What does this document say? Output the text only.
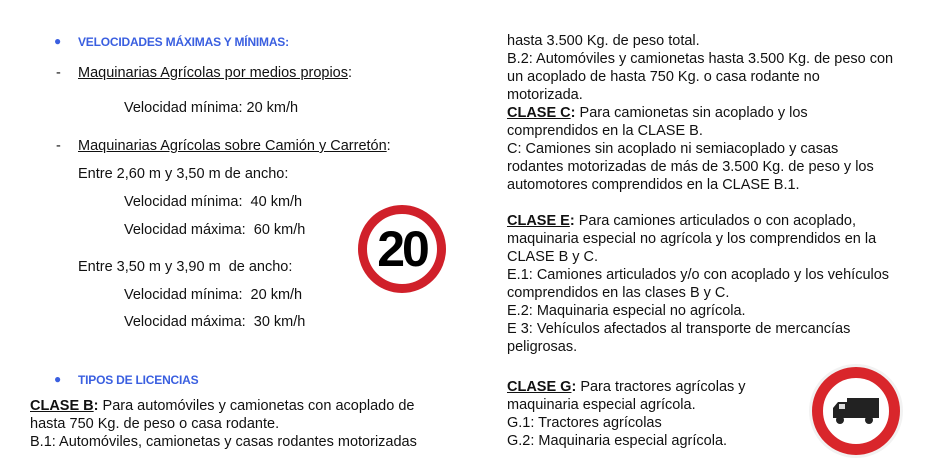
● VELOCIDADES MÁXIMAS Y MÍNIMAS:
- Maquinarias Agrícolas por medios propios:
Velocidad mínima: 20 km/h
- Maquinarias Agrícolas sobre Camión y Carretón:
Entre 2,60 m y 3,50 m de ancho:
Velocidad mínima:  40 km/h
Velocidad máxima:  60 km/h
Entre 3,50 m y 3,90 m  de ancho:
Velocidad mínima:  20 km/h
Velocidad máxima:  30 km/h
20
● TIPOS DE LICENCIAS

CLASE B: Para automóviles y camionetas con acoplado de

hasta 750 Kg. de peso o casa rodante.

B.1: Automóviles, camionetas y casas rodantes motorizadas

hasta 3.500 Kg. de peso total.

B.2: Automóviles y camionetas hasta 3.500 Kg. de peso con

un acoplado de hasta 750 Kg. o casa rodante no

motorizada.

CLASE C: Para camionetas sin acoplado y los

comprendidos en la CLASE B.

C: Camiones sin acoplado ni semiacoplado y casas

rodantes motorizadas de más de 3.500 Kg. de peso y los

automotores comprendidos en la CLASE B.1.

CLASE E: Para camiones articulados o con acoplado,

maquinaria especial no agrícola y los comprendidos en la

CLASE B y C.

E.1: Camiones articulados y/o con acoplado y los vehículos

comprendidos en las clases B y C.

E.2: Maquinaria especial no agrícola.

E 3: Vehículos afectados al transporte de mercancías

peligrosas.

CLASE G: Para tractores agrícolas y

maquinaria especial agrícola.

G.1: Tractores agrícolas

G.2: Maquinaria especial agrícola.
